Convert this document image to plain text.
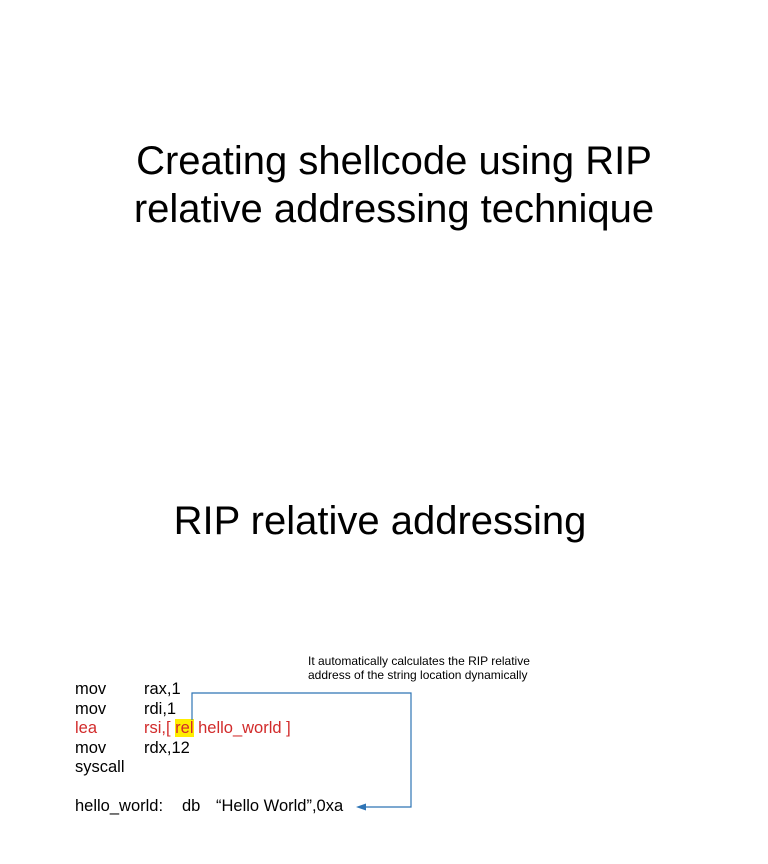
Creating shellcode using RIP
relative addressing technique
RIP relative addressing
It automatically calculates the RIP relative
address of the string location dynamically
mov rax,1
mov rdi,1
lea	rsi,[ rel hello_world ]
mov rdx,12
syscall
hello_world: db “Hello World”,0xa
